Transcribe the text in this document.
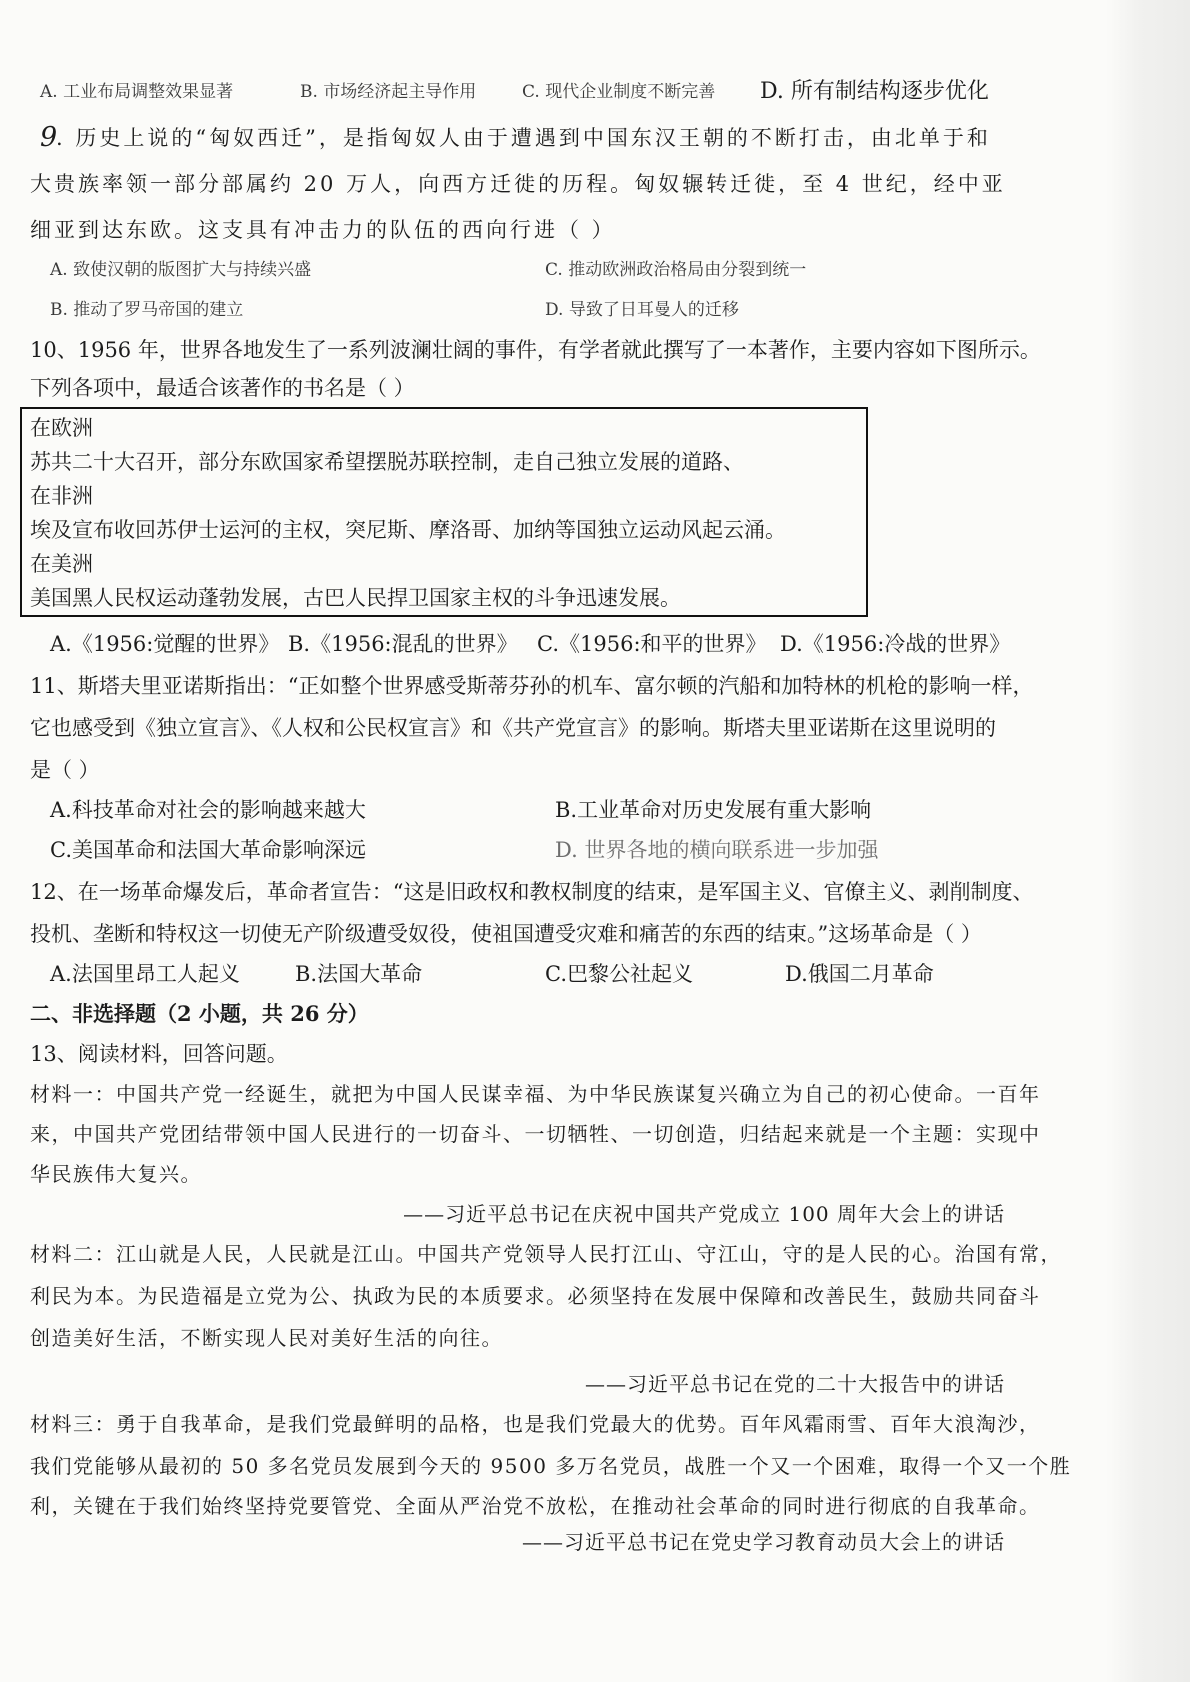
A. 工业布局调整效果显著	B. 市场经济起主导作用	C. 现代企业制度不断完善 D. 所有制结构逐步优化
9
. 历史上说的“匈奴西迁”，是指匈奴人由于遭遇到中国东汉王朝的不断打击，由北单于和
大贵族率领一部分部属约 20 万人，向西方迁徙的历程。匈奴辗转迁徙，至 4 世纪，经中亚
细亚到达东欧。这支具有冲击力的队伍的西向行进（ ）
A. 致使汉朝的版图扩大与持续兴盛	C. 推动欧洲政治格局由分裂到统一
B. 推动了罗马帝国的建立	D. 导致了日耳曼人的迁移
10、1956 年，世界各地发生了一系列波澜壮阔的事件，有学者就此撰写了一本著作，主要内容如下图所示。
下列各项中，最适合该著作的书名是（ ）
在欧洲
苏共二十大召开，部分东欧国家希望摆脱苏联控制，走自己独立发展的道路、
在非洲
埃及宣布收回苏伊士运河的主权，突尼斯、摩洛哥、加纳等国独立运动风起云涌。
在美洲
美国黑人民权运动蓬勃发展，古巴人民捍卫国家主权的斗争迅速发展。
A.《1956:觉醒的世界》 B.《1956:混乱的世界》 C.《1956:和平的世界》 D.《1956:冷战的世界》
11、斯塔夫里亚诺斯指出：“正如整个世界感受斯蒂芬孙的机车、富尔顿的汽船和加特林的机枪的影响一样，
它也感受到《独立宣言》、《人权和公民权宣言》和《共产党宣言》的影响。斯塔夫里亚诺斯在这里说明的
是（ ）
A.科技革命对社会的影响越来越大	B.工业革命对历史发展有重大影响
C.美国革命和法国大革命影响深远	D. 世界各地的横向联系进一步加强
12、在一场革命爆发后，革命者宣告：“这是旧政权和教权制度的结束，是军国主义、官僚主义、剥削制度、
投机、垄断和特权这一切使无产阶级遭受奴役，使祖国遭受灾难和痛苦的东西的结束。”这场革命是（ ）
A.法国里昂工人起义	B.法国大革命	C.巴黎公社起义	D.俄国二月革命
二、非选择题（2 小题，共 26 分）
13、阅读材料，回答问题。
材料一：中国共产党一经诞生，就把为中国人民谋幸福、为中华民族谋复兴确立为自己的初心使命。一百年
来，中国共产党团结带领中国人民进行的一切奋斗、一切牺牲、一切创造，归结起来就是一个主题：实现中
华民族伟大复兴。
——习近平总书记在庆祝中国共产党成立 100 周年大会上的讲话
材料二：江山就是人民，人民就是江山。中国共产党领导人民打江山、守江山，守的是人民的心。治国有常，
利民为本。为民造福是立党为公、执政为民的本质要求。必须坚持在发展中保障和改善民生，鼓励共同奋斗
创造美好生活，不断实现人民对美好生活的向往。
——习近平总书记在党的二十大报告中的讲话
材料三：勇于自我革命，是我们党最鲜明的品格，也是我们党最大的优势。百年风霜雨雪、百年大浪淘沙，
我们党能够从最初的 50 多名党员发展到今天的 9500 多万名党员，战胜一个又一个困难，取得一个又一个胜
利，关键在于我们始终坚持党要管党、全面从严治党不放松，在推动社会革命的同时进行彻底的自我革命。
——习近平总书记在党史学习教育动员大会上的讲话
